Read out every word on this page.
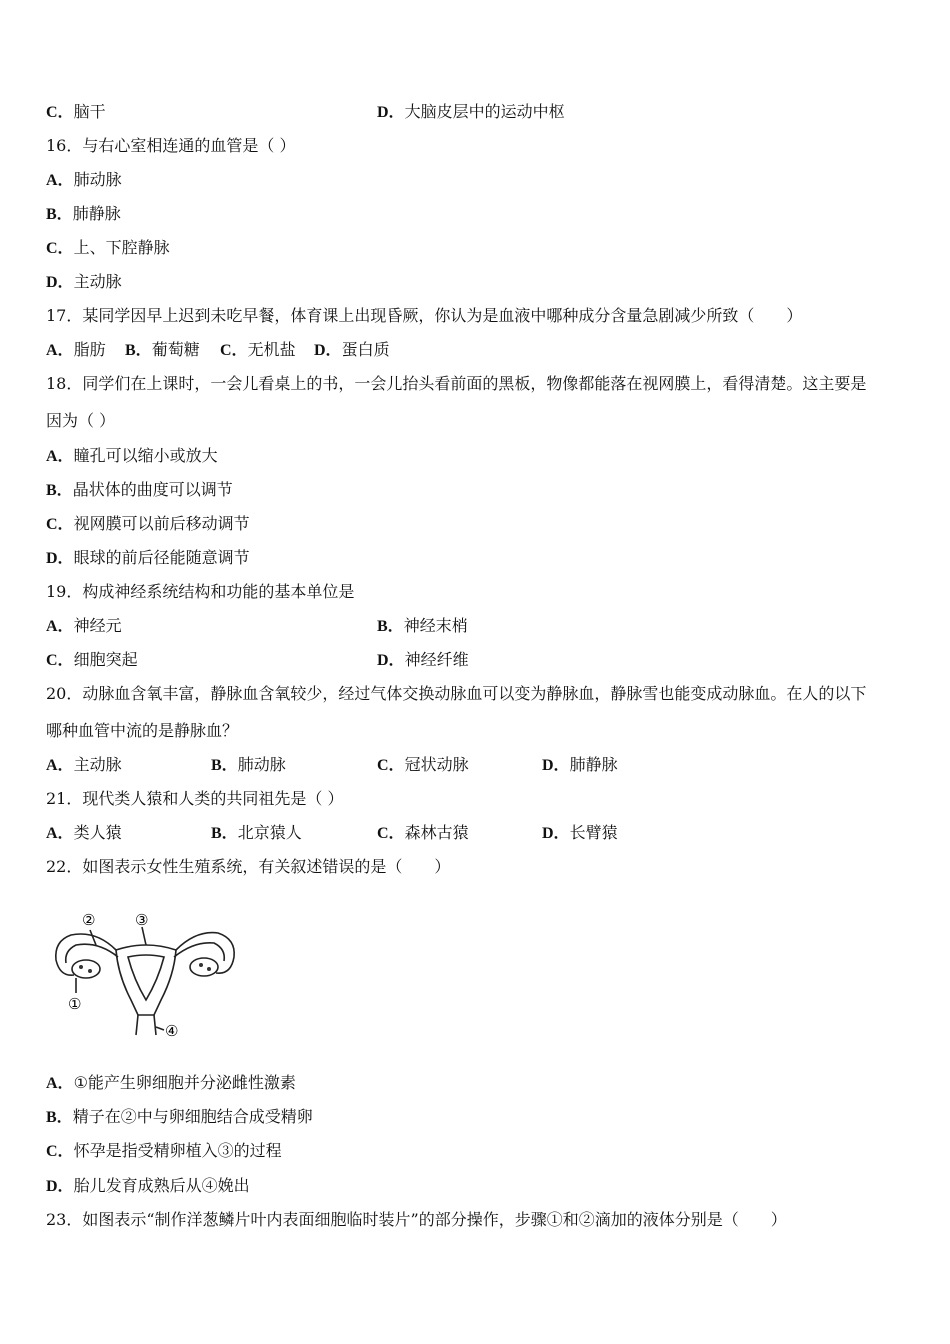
C．脑干	D．大脑皮层中的运动中枢
16．与右心室相连通的血管是（ ）
A．肺动脉
B．肺静脉
C．上、下腔静脉
D．主动脉
17．某同学因早上迟到未吃早餐，体育课上出现昏厥，你认为是血液中哪种成分含量急剧减少所致（　　）
A．脂肪 B．葡萄糖 C．无机盐 D．蛋白质
18．同学们在上课时，一会儿看桌上的书，一会儿抬头看前面的黑板，物像都能落在视网膜上，看得清楚。这主要是
因为（ ）
A．瞳孔可以缩小或放大
B．晶状体的曲度可以调节
C．视网膜可以前后移动调节
D．眼球的前后径能随意调节
19．构成神经系统结构和功能的基本单位是
A．神经元	B．神经末梢
C．细胞突起	D．神经纤维
20．动脉血含氧丰富，静脉血含氧较少，经过气体交换动脉血可以变为静脉血，静脉雪也能变成动脉血。在人的以下
哪种血管中流的是静脉血？
A．主动脉	B．肺动脉	C．冠状动脉	D．肺静脉
21．现代类人猿和人类的共同祖先是（ ）
A．类人猿	B．北京猿人	C．森林古猿	D．长臂猿
22．如图表示女性生殖系统，有关叙述错误的是（　　）
②	③
①
④
A．①能产生卵细胞并分泌雌性激素
B．精子在②中与卵细胞结合成受精卵
C．怀孕是指受精卵植入③的过程
D．胎儿发育成熟后从④娩出
23．如图表示“制作洋葱鳞片叶内表面细胞临时装片”的部分操作，步骤①和②滴加的液体分别是（　　）
